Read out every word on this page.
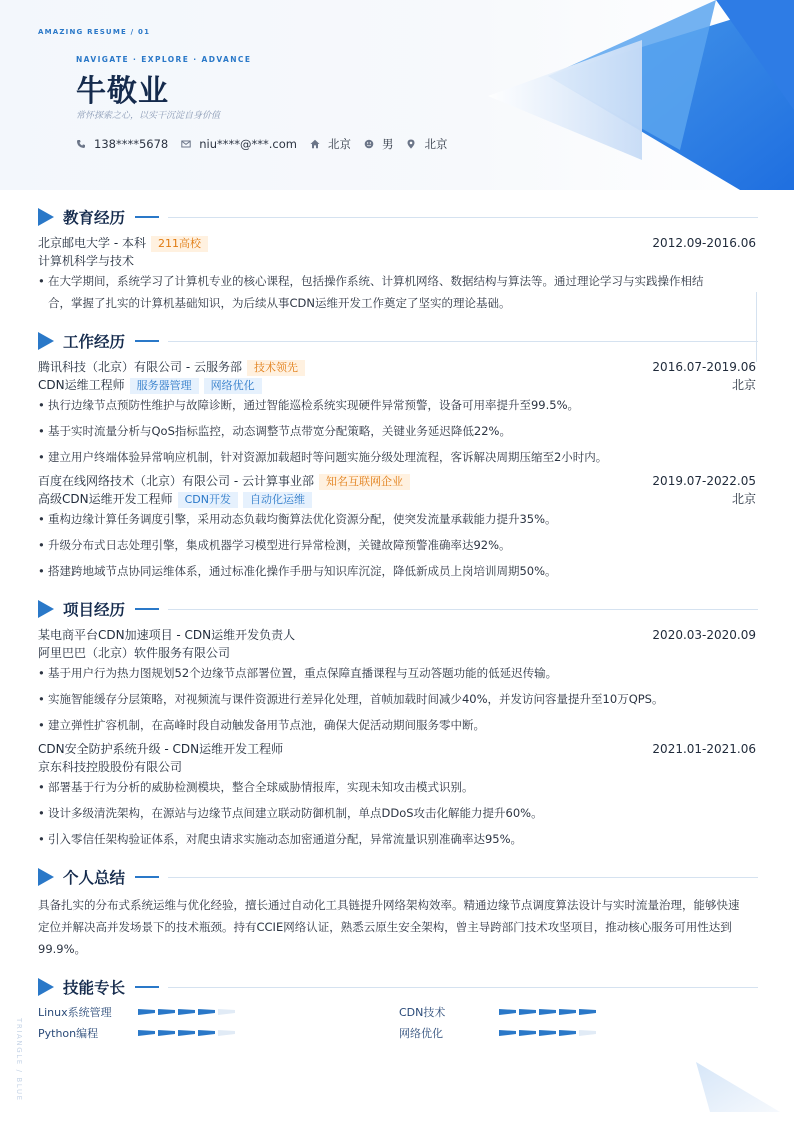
AMAZING RESUME / 01
NAVIGATE · EXPLORE · ADVANCE
牛敬业
常怀探索之心，以实干沉淀自身价值
138****5678	niu****@***.com	北京	男	北京
教育经历
北京邮电大学 - 本科	211高校	2012.09-2016.06
计算机科学与技术
• 在大学期间，系统学习了计算机专业的核心课程，包括操作系统、计算机网络、数据结构与算法等。通过理论学习与实践操作相结
合，掌握了扎实的计算机基础知识，为后续从事CDN运维开发工作奠定了坚实的理论基础。
工作经历
腾讯科技（北京）有限公司 - 云服务部	技术领先	2016.07-2019.06
CDN运维工程师	服务器管理	网络优化	北京
• 执行边缘节点预防性维护与故障诊断，通过智能巡检系统实现硬件异常预警，设备可用率提升至99.5%。
• 基于实时流量分析与QoS指标监控，动态调整节点带宽分配策略，关键业务延迟降低22%。
• 建立用户终端体验异常响应机制，针对资源加载超时等问题实施分级处理流程，客诉解决周期压缩至2小时内。
百度在线网络技术（北京）有限公司 - 云计算事业部	知名互联网企业	2019.07-2022.05
高级CDN运维开发工程师	CDN开发	自动化运维	北京
• 重构边缘计算任务调度引擎，采用动态负载均衡算法优化资源分配，使突发流量承载能力提升35%。
• 升级分布式日志处理引擎，集成机器学习模型进行异常检测，关键故障预警准确率达92%。
• 搭建跨地域节点协同运维体系，通过标准化操作手册与知识库沉淀，降低新成员上岗培训周期50%。
项目经历
某电商平台CDN加速项目 - CDN运维开发负责人	2020.03-2020.09
阿里巴巴（北京）软件服务有限公司
• 基于用户行为热力图规划52个边缘节点部署位置，重点保障直播课程与互动答题功能的低延迟传输。
• 实施智能缓存分层策略，对视频流与课件资源进行差异化处理，首帧加载时间减少40%，并发访问容量提升至10万QPS。
• 建立弹性扩容机制，在高峰时段自动触发备用节点池，确保大促活动期间服务零中断。
CDN安全防护系统升级 - CDN运维开发工程师	2021.01-2021.06
京东科技控股股份有限公司
• 部署基于行为分析的威胁检测模块，整合全球威胁情报库，实现未知攻击模式识别。
• 设计多级清洗架构，在源站与边缘节点间建立联动防御机制，单点DDoS攻击化解能力提升60%。
• 引入零信任架构验证体系，对爬虫请求实施动态加密通道分配，异常流量识别准确率达95%。
个人总结
具备扎实的分布式系统运维与优化经验，擅长通过自动化工具链提升网络架构效率。精通边缘节点调度算法设计与实时流量治理，能够快速定位并解决高并发场景下的技术瓶颈。持有CCIE网络认证，熟悉云原生安全架构，曾主导跨部门技术攻坚项目，推动核心服务可用性达到99.9%。
技能专长
Linux系统管理	CDN技术
Python编程	网络优化
TRIANGLE / BLUE
